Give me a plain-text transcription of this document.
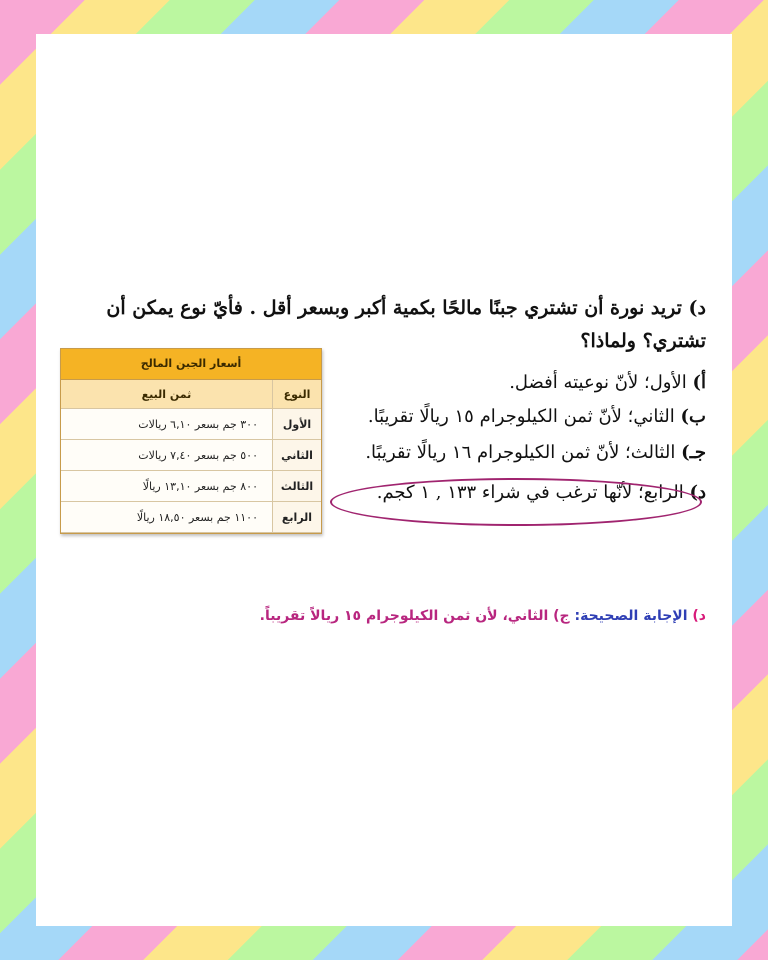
د) تريد نورة أن تشتري جبنًا مالحًا بكمية أكبر وبسعر أقل . فأيّ نوع يمكن أن تشتري؟ ولماذا؟
أ) الأول؛ لأنّ نوعيته أفضل.
ب) الثاني؛ لأنّ ثمن الكيلوجرام ١٥ ريالًا تقريبًا.
جـ) الثالث؛ لأنّ ثمن الكيلوجرام ١٦ ريالًا تقريبًا.
د) الرابع؛ لأنّها ترغب في شراء ١٣٣ , ١ كجم.
أسعار الجبن المالح
النوع	ثمن البيع
الأول	٣٠٠ جم بسعر ٦,١٠ ريالات
الثاني	٥٠٠ جم بسعر ٧,٤٠ ريالات
الثالث	٨٠٠ جم بسعر ١٣,١٠ ريالًا
الرابع	١١٠٠ جم بسعر ١٨,٥٠ ريالًا
د) الإجابة الصحيحة: ج) الثاني، لأن ثمن الكيلوجرام ١٥ ريالاً تقريباً.
